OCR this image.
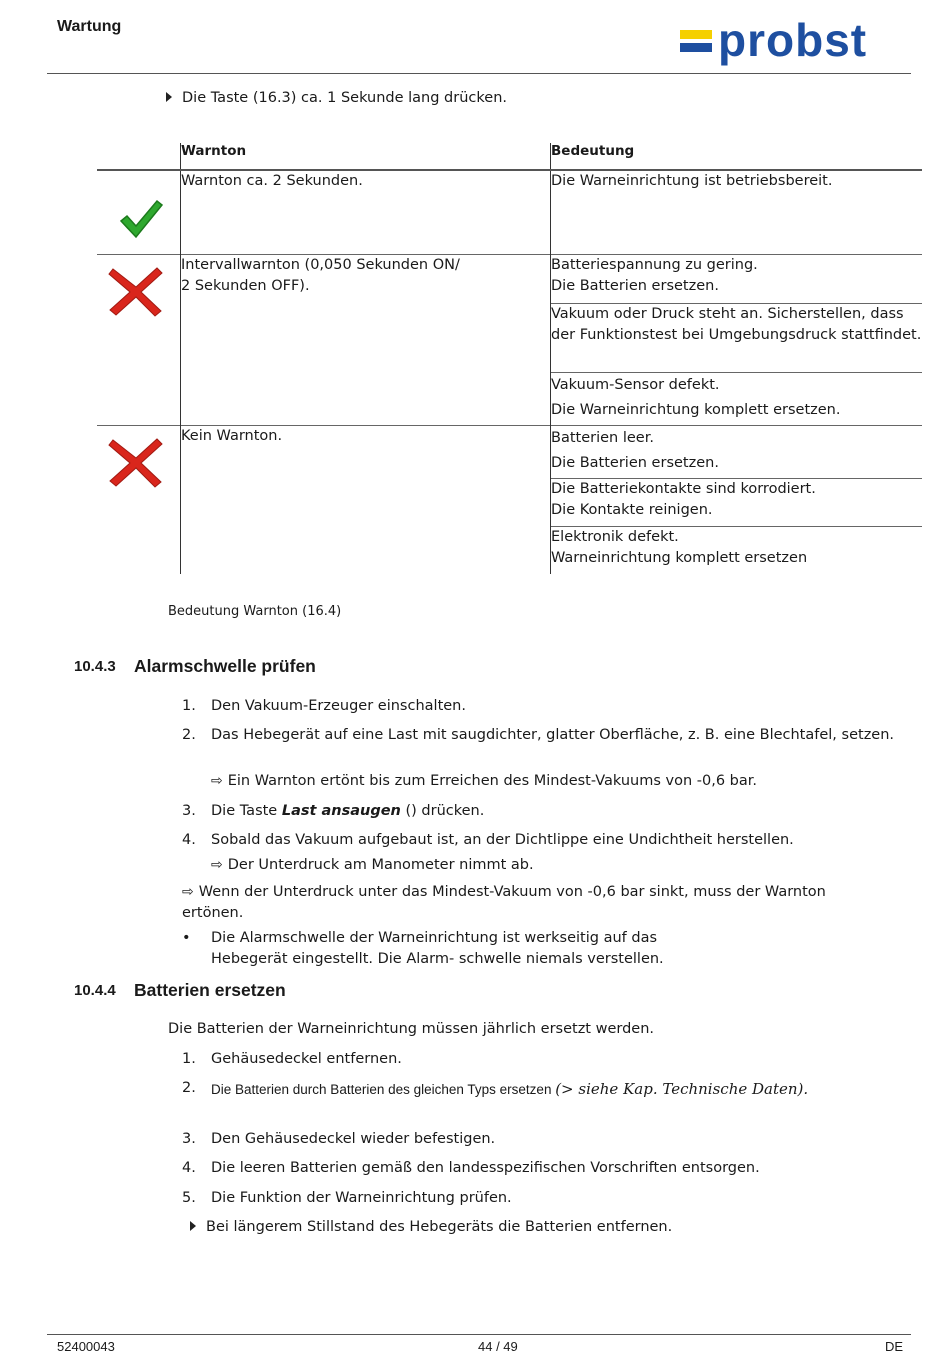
Wartung	probst
Die Taste (16.3) ca. 1 Sekunde lang drücken.
	Warnton	Bedeutung

	Warnton ca. 2 Sekunden.	Die Warneinrichtung ist betriebsbereit.

	Intervallwarnton (0,050 Sekunden ON/
2 Sekunden OFF).	Batteriespannung zu gering.
Die Batterien ersetzen.
		Vakuum oder Druck steht an. Sicherstellen, dass der Funktionstest bei Umgebungsdruck stattfindet.
		Vakuum-Sensor defekt.
Die Warneinrichtung komplett ersetzen.

	Kein Warnton.	Batterien leer.
Die Batterien ersetzen.
		Die Batteriekontakte sind korrodiert.
Die Kontakte reinigen.
		Elektronik defekt.
Warneinrichtung komplett ersetzen
Bedeutung Warnton (16.4)
10.4.3 Alarmschwelle prüfen
1. Den Vakuum-Erzeuger einschalten.
2. Das Hebegerät auf eine Last mit saugdichter, glatter Oberfläche, z. B. eine Blechtafel, setzen.
⇨ Ein Warnton ertönt bis zum Erreichen des Mindest-Vakuums von -0,6 bar.
3. Die Taste Last ansaugen () drücken.
4. Sobald das Vakuum aufgebaut ist, an der Dichtlippe eine Undichtheit herstellen.
⇨ Der Unterdruck am Manometer nimmt ab.
⇨ Wenn der Unterdruck unter das Mindest-Vakuum von -0,6 bar sinkt, muss der Warnton ertönen.
• Die Alarmschwelle der Warneinrichtung ist werkseitig auf das Hebegerät eingestellt. Die Alarm- schwelle niemals verstellen.
10.4.4 Batterien ersetzen
Die Batterien der Warneinrichtung müssen jährlich ersetzt werden.
1. Gehäusedeckel entfernen.
2. Die Batterien durch Batterien des gleichen Typs ersetzen (> siehe Kap. Technische Daten).
3. Den Gehäusedeckel wieder befestigen.
4. Die leeren Batterien gemäß den landesspezifischen Vorschriften entsorgen.
5. Die Funktion der Warneinrichtung prüfen.
Bei längerem Stillstand des Hebegeräts die Batterien entfernen.
52400043	44 / 49	DE
